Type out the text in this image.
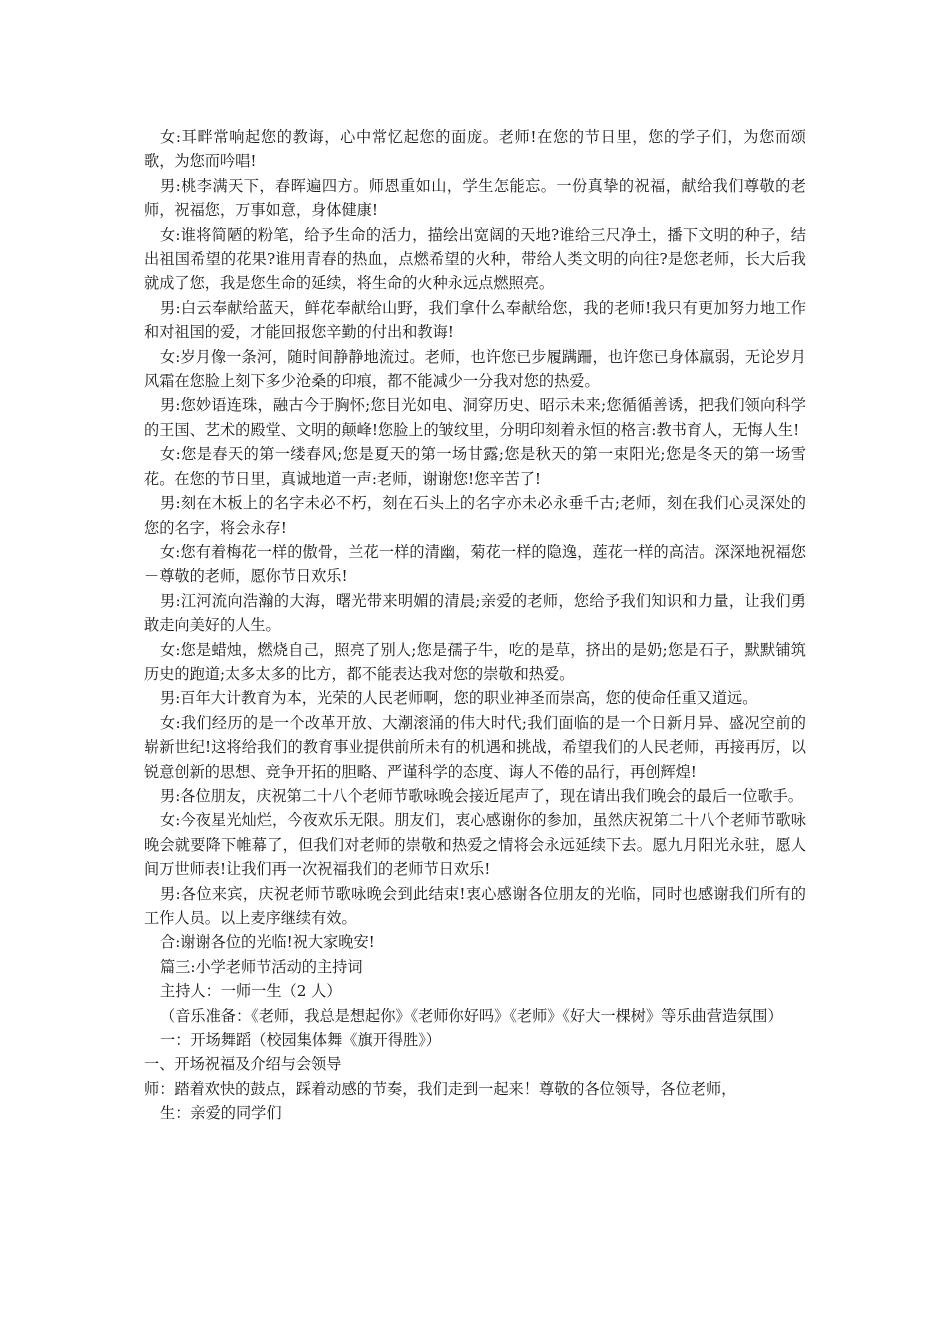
女:耳畔常响起您的教诲，心中常忆起您的面庞。老师!在您的节日里，您的学子们，为您而颂歌，为您而吟唱!

男:桃李满天下，春晖遍四方。师恩重如山，学生怎能忘。一份真挚的祝福，献给我们尊敬的老师，祝福您，万事如意，身体健康!

女:谁将简陋的粉笔，给予生命的活力，描绘出宽阔的天地?谁给三尺净土，播下文明的种子，结出祖国希望的花果?谁用青春的热血，点燃希望的火种，带给人类文明的向往?是您老师，长大后我就成了您，我是您生命的延续，将生命的火种永远点燃照亮。

男:白云奉献给蓝天，鲜花奉献给山野，我们拿什么奉献给您，我的老师!我只有更加努力地工作和对祖国的爱，才能回报您辛勤的付出和教诲!

女:岁月像一条河，随时间静静地流过。老师，也许您已步履蹒跚，也许您已身体羸弱，无论岁月风霜在您脸上刻下多少沧桑的印痕，都不能减少一分我对您的热爱。

男:您妙语连珠，融古今于胸怀;您目光如电、洞穿历史、昭示未来;您循循善诱，把我们领向科学的王国、艺术的殿堂、文明的颠峰!您脸上的皱纹里，分明印刻着永恒的格言:教书育人，无悔人生!

女:您是春天的第一缕春风;您是夏天的第一场甘露;您是秋天的第一束阳光;您是冬天的第一场雪花。在您的节日里，真诚地道一声:老师，谢谢您!您辛苦了!

男:刻在木板上的名字未必不朽，刻在石头上的名字亦未必永垂千古;老师，刻在我们心灵深处的您的名字，将会永存!

女:您有着梅花一样的傲骨，兰花一样的清幽，菊花一样的隐逸，莲花一样的高洁。深深地祝福您－尊敬的老师，愿你节日欢乐!

男:江河流向浩瀚的大海，曙光带来明媚的清晨;亲爱的老师，您给予我们知识和力量，让我们勇敢走向美好的人生。

女:您是蜡烛，燃烧自己，照亮了别人;您是孺子牛，吃的是草，挤出的是奶;您是石子，默默铺筑历史的跑道;太多太多的比方，都不能表达我对您的崇敬和热爱。

男:百年大计教育为本，光荣的人民老师啊，您的职业神圣而崇高，您的使命任重又道远。

女:我们经历的是一个改革开放、大潮滚涌的伟大时代;我们面临的是一个日新月异、盛况空前的崭新世纪!这将给我们的教育事业提供前所未有的机遇和挑战，希望我们的人民老师，再接再厉，以锐意创新的思想、竞争开拓的胆略、严谨科学的态度、诲人不倦的品行，再创辉煌!

男:各位朋友，庆祝第二十八个老师节歌咏晚会接近尾声了，现在请出我们晚会的最后一位歌手。

女:今夜星光灿烂，今夜欢乐无限。朋友们，衷心感谢你的参加，虽然庆祝第二十八个老师节歌咏晚会就要降下帷幕了，但我们对老师的崇敬和热爱之情将会永远延续下去。愿九月阳光永驻，愿人间万世师表!让我们再一次祝福我们的老师节日欢乐!

男:各位来宾，庆祝老师节歌咏晚会到此结束!衷心感谢各位朋友的光临，同时也感谢我们所有的工作人员。以上麦序继续有效。

合:谢谢各位的光临!祝大家晚安!

篇三:小学老师节活动的主持词

主持人：一师一生（2 人）

（音乐准备：《老师，我总是想起你》《老师你好吗》《老师》《好大一棵树》等乐曲营造氛围）

一：开场舞蹈（校园集体舞《旗开得胜》）

一、开场祝福及介绍与会领导

师：踏着欢快的鼓点，踩着动感的节奏，我们走到一起来！尊敬的各位领导，各位老师，

生：亲爱的同学们
